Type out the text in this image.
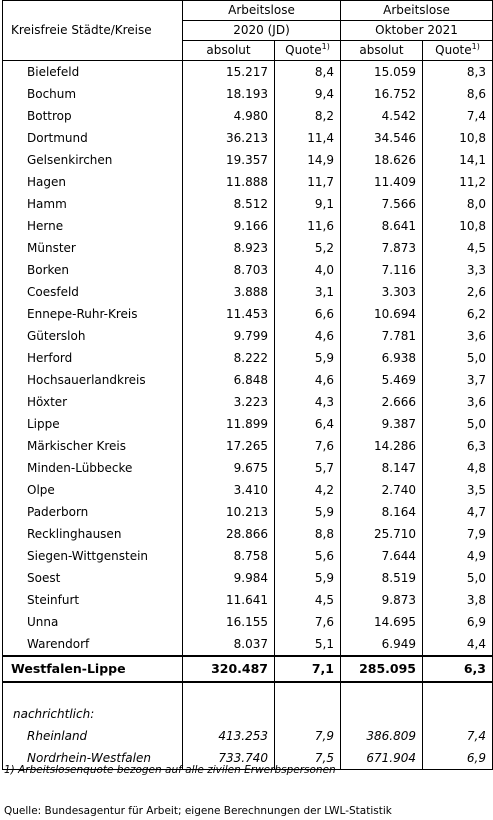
Kreisfreie Städte/Kreise	Arbeitslose		Arbeitslose	
	2020 (JD)		Oktober 2021	
	absolut	Quote$^{1)}$	absolut	Quote$^{1)}$
Bielefeld	15.217	8,4	15.059	8,3
Bochum	18.193	9,4	16.752	8,6
Bottrop	4.980	8,2	4.542	7,4
Dortmund	36.213	11,4	34.546	10,8
Gelsenkirchen	19.357	14,9	18.626	14,1
Hagen	11.888	11,7	11.409	11,2
Hamm	8.512	9,1	7.566	8,0
Herne	9.166	11,6	8.641	10,8
Münster	8.923	5,2	7.873	4,5
Borken	8.703	4,0	7.116	3,3
Coesfeld	3.888	3,1	3.303	2,6
Ennepe-Ruhr-Kreis	11.453	6,6	10.694	6,2
Gütersloh	9.799	4,6	7.781	3,6
Herford	8.222	5,9	6.938	5,0
Hochsauerlandkreis	6.848	4,6	5.469	3,7
Höxter	3.223	4,3	2.666	3,6
Lippe	11.899	6,4	9.387	5,0
Märkischer Kreis	17.265	7,6	14.286	6,3
Minden-Lübbecke	9.675	5,7	8.147	4,8
Olpe	3.410	4,2	2.740	3,5
Paderborn	10.213	5,9	8.164	4,7
Recklinghausen	28.866	8,8	25.710	7,9
Siegen-Wittgenstein	8.758	5,6	7.644	4,9
Soest	9.984	5,9	8.519	5,0
Steinfurt	11.641	4,5	9.873	3,8
Unna	16.155	7,6	14.695	6,9
Warendorf	8.037	5,1	6.949	4,4
Westfalen-Lippe	320.487	7,1	285.095	6,3

nachrichtlich:				
Rheinland	413.253	7,9	386.809	7,4
Nordrhein-Westfalen	733.740	7,5	671.904	6,9
1) Arbeitslosenquote bezogen auf alle zivilen Erwerbspersonen
Quelle: Bundesagentur für Arbeit; eigene Berechnungen der LWL-Statistik
